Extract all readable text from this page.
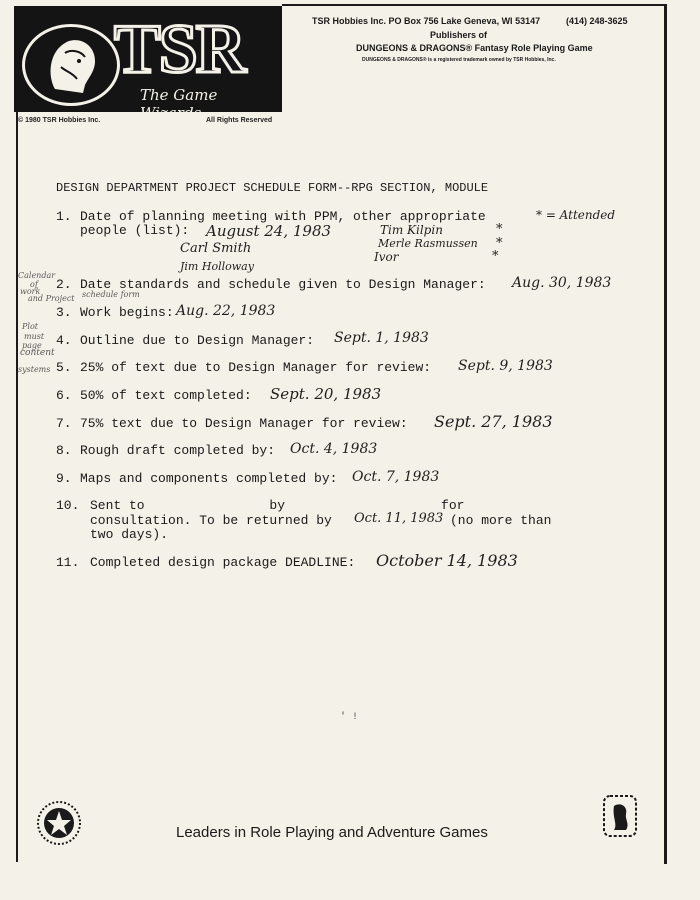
TSR
The Game Wizards
TM
© 1980 TSR Hobbies Inc.	All Rights Reserved
TSR Hobbies Inc. PO Box 756 Lake Geneva, WI 53147	(414) 248-3625
Publishers of
DUNGEONS & DRAGONS® Fantasy Role Playing Game
DUNGEONS & DRAGONS® is a registered trademark owned by TSR Hobbies, Inc.
DESIGN DEPARTMENT PROJECT SCHEDULE FORM--RPG SECTION, MODULE
1. Date of planning meeting with PPM, other appropriate
people (list):
* = Attended
August 24, 1983
Carl Smith
Jim Holloway
Tim Kilpin
Merle Rasmussen
Ivor
*
*
*
Calendar
of
work
and Project schedule form
Plot
must
page
content
systems
2. Date standards and schedule given to Design Manager: Aug. 30, 1983
3. Work begins: Aug. 22, 1983
4. Outline due to Design Manager: Sept. 1, 1983
5. 25% of text due to Design Manager for review: Sept. 9, 1983
6. 50% of text completed: Sept. 20, 1983
7. 75% text due to Design Manager for review: Sept. 27, 1983
8. Rough draft completed by: Oct. 4, 1983
9. Maps and components completed by: Oct. 7, 1983
10. Sent to                by                    for
consultation. To be returned by Oct. 11, 1983 (no more than
two days).
11. Completed design package DEADLINE: October 14, 1983
' !
Leaders in Role Playing and Adventure Games
